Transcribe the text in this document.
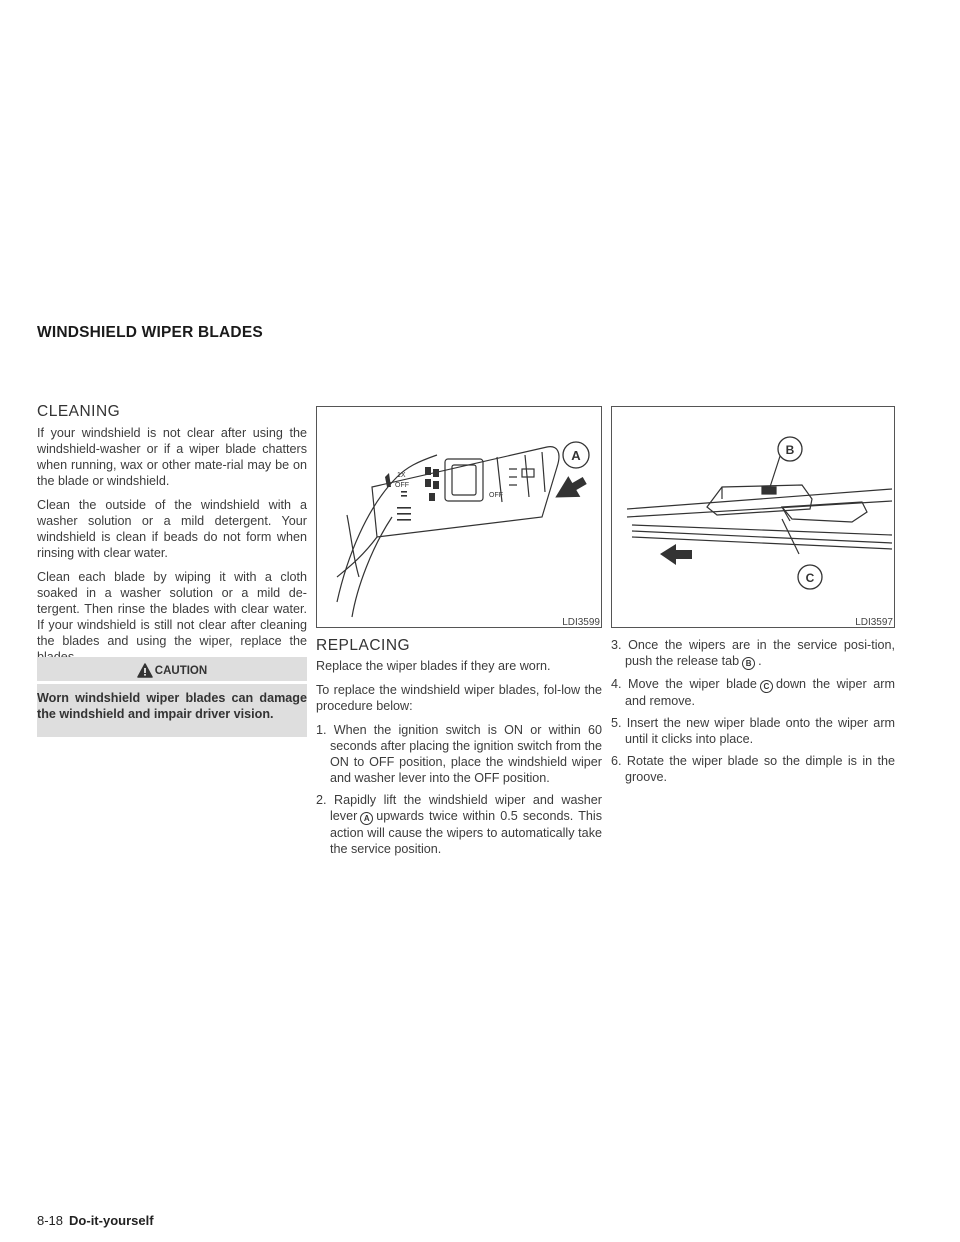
WINDSHIELD WIPER BLADES
CLEANING

If your windshield is not clear after using the windshield-washer or if a wiper blade chatters when running, wax or other mate-rial may be on the blade or windshield.

Clean the outside of the windshield with a washer solution or a mild detergent. Your windshield is clean if beads do not form when rinsing with clear water.

Clean each blade by wiping it with a cloth soaked in a washer solution or a mild de-tergent. Then rinse the blades with clear water. If your windshield is still not clear after cleaning the blades and using the wiper, replace the

CAUTION

Worn windshield wiper blades can damage the windshield and impair driver vision.

1X
OFF
OFF
A
LDI3599
B
C
LDI3597
REPLACING

Replace the wiper blades if they are worn.

To replace the windshield wiper blades, fol-low the procedure below:

1. When the ignition switch is ON or within 60 seconds after placing the ignition switch from the ON to OFF position, place the windshield wiper and washer lever into the OFF position.
2. Rapidly lift the windshield wiper and washer lever A upwards twice within 0.5 seconds. This action will cause the wipers to automatically take the service position.
3. Once the wipers are in the service posi-tion, push the release tab B .
4. Move the wiper blade C down the wiper arm and remove.
5. Insert the new wiper blade onto the wiper arm until it clicks into place.
6. Rotate the wiper blade so the dimple is in the groove.
8-18 Do-it-yourself
